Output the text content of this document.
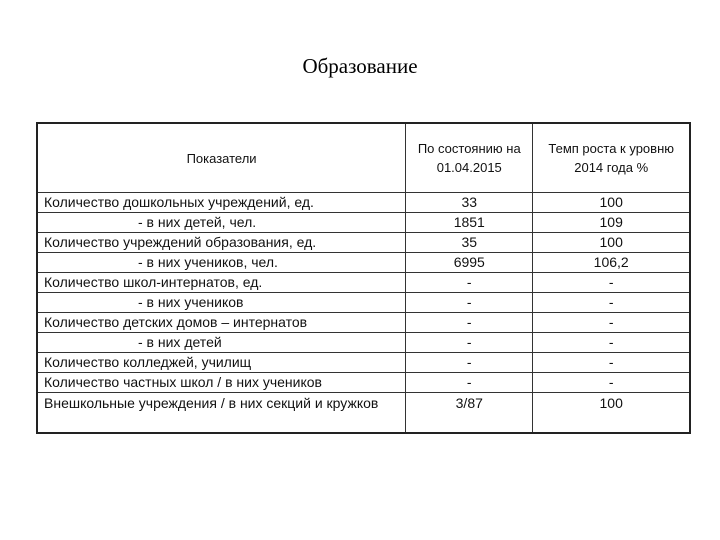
Образование
Показатели	По состоянию на 01.04.2015	Темп роста к уровню 2014 года %
Количество дошкольных учреждений, ед.	33	100
- в них детей, чел.	1851	109
Количество учреждений образования, ед.	35	100
- в них учеников, чел.	6995	106,2
Количество школ-интернатов, ед.	-	-
- в них учеников	-	-
Количество детских домов – интернатов	-	-
- в них детей	-	-
Количество колледжей, училищ	-	-
Количество частных школ / в них учеников	-	-
Внешкольные учреждения / в них секций и кружков	3/87	100
